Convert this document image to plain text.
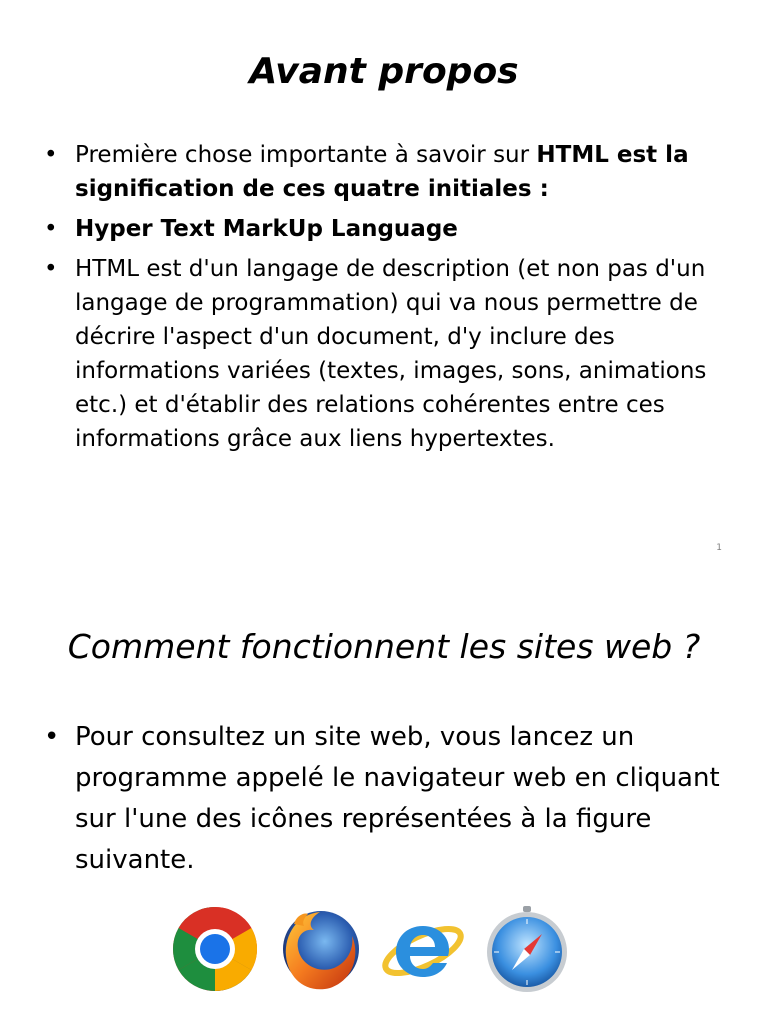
Avant propos
• Première chose importante à savoir sur HTML est la signification de ces quatre initiales :
• Hyper Text MarkUp Language
• HTML est d'un langage de description (et non pas d'un langage de programmation) qui va nous permettre de décrire l'aspect d'un document, d'y inclure des informations variées (textes, images, sons, animations etc.) et d'établir des relations cohérentes entre ces informations grâce aux liens hypertextes.
1
Comment fonctionnent les sites web ?
• Pour consultez un site web, vous lancez un programme appelé le navigateur web en cliquant sur l'une des icônes représentées à la figure suivante.
